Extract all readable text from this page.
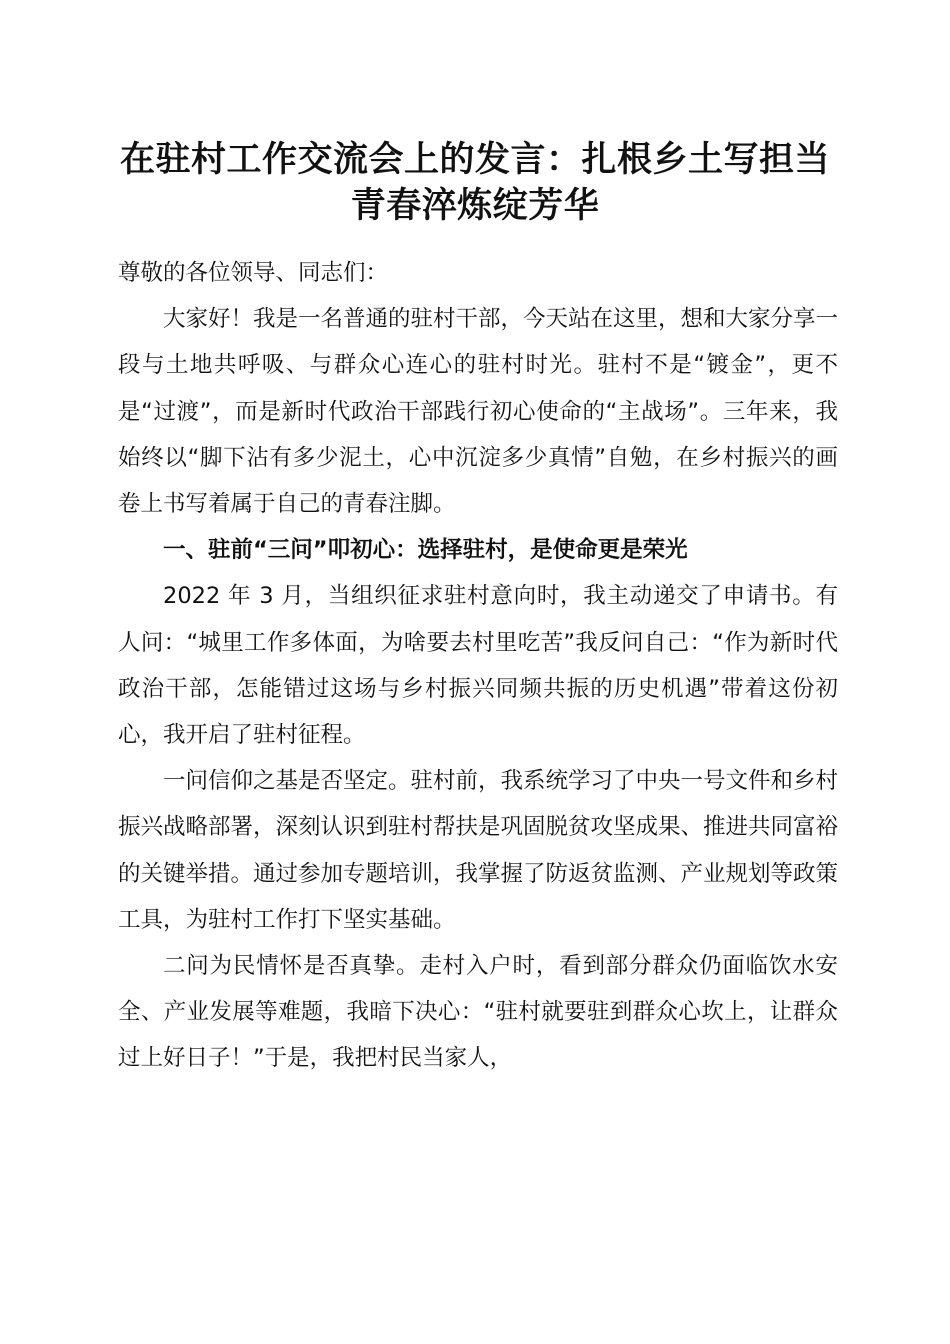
在驻村工作交流会上的发言：扎根乡土写担当
青春淬炼绽芳华

尊敬的各位领导、同志们：

大家好！我是一名普通的驻村干部，今天站在这里，想和大家分享一段与土地共呼吸、与群众心连心的驻村时光。驻村不是“镀金”，更不是“过渡”，而是新时代政治干部践行初心使命的“主战场”。三年来，我始终以“脚下沾有多少泥土，心中沉淀多少真情”自勉，在乡村振兴的画卷上书写着属于自己的青春注脚。

一、驻前“三问”叩初心：选择驻村，是使命更是荣光

2022 年 3 月，当组织征求驻村意向时，我主动递交了申请书。有人问：“城里工作多体面，为啥要去村里吃苦”我反问自己：“作为新时代政治干部，怎能错过这场与乡村振兴同频共振的历史机遇”带着这份初心，我开启了驻村征程。

一问信仰之基是否坚定。驻村前，我系统学习了中央一号文件和乡村振兴战略部署，深刻认识到驻村帮扶是巩固脱贫攻坚成果、推进共同富裕的关键举措。通过参加专题培训，我掌握了防返贫监测、产业规划等政策工具，为驻村工作打下坚实基础。

二问为民情怀是否真挚。走村入户时，看到部分群众仍面临饮水安全、产业发展等难题，我暗下决心：“驻村就要驻到群众心坎上，让群众过上好日子！”于是，我把村民当家人，
